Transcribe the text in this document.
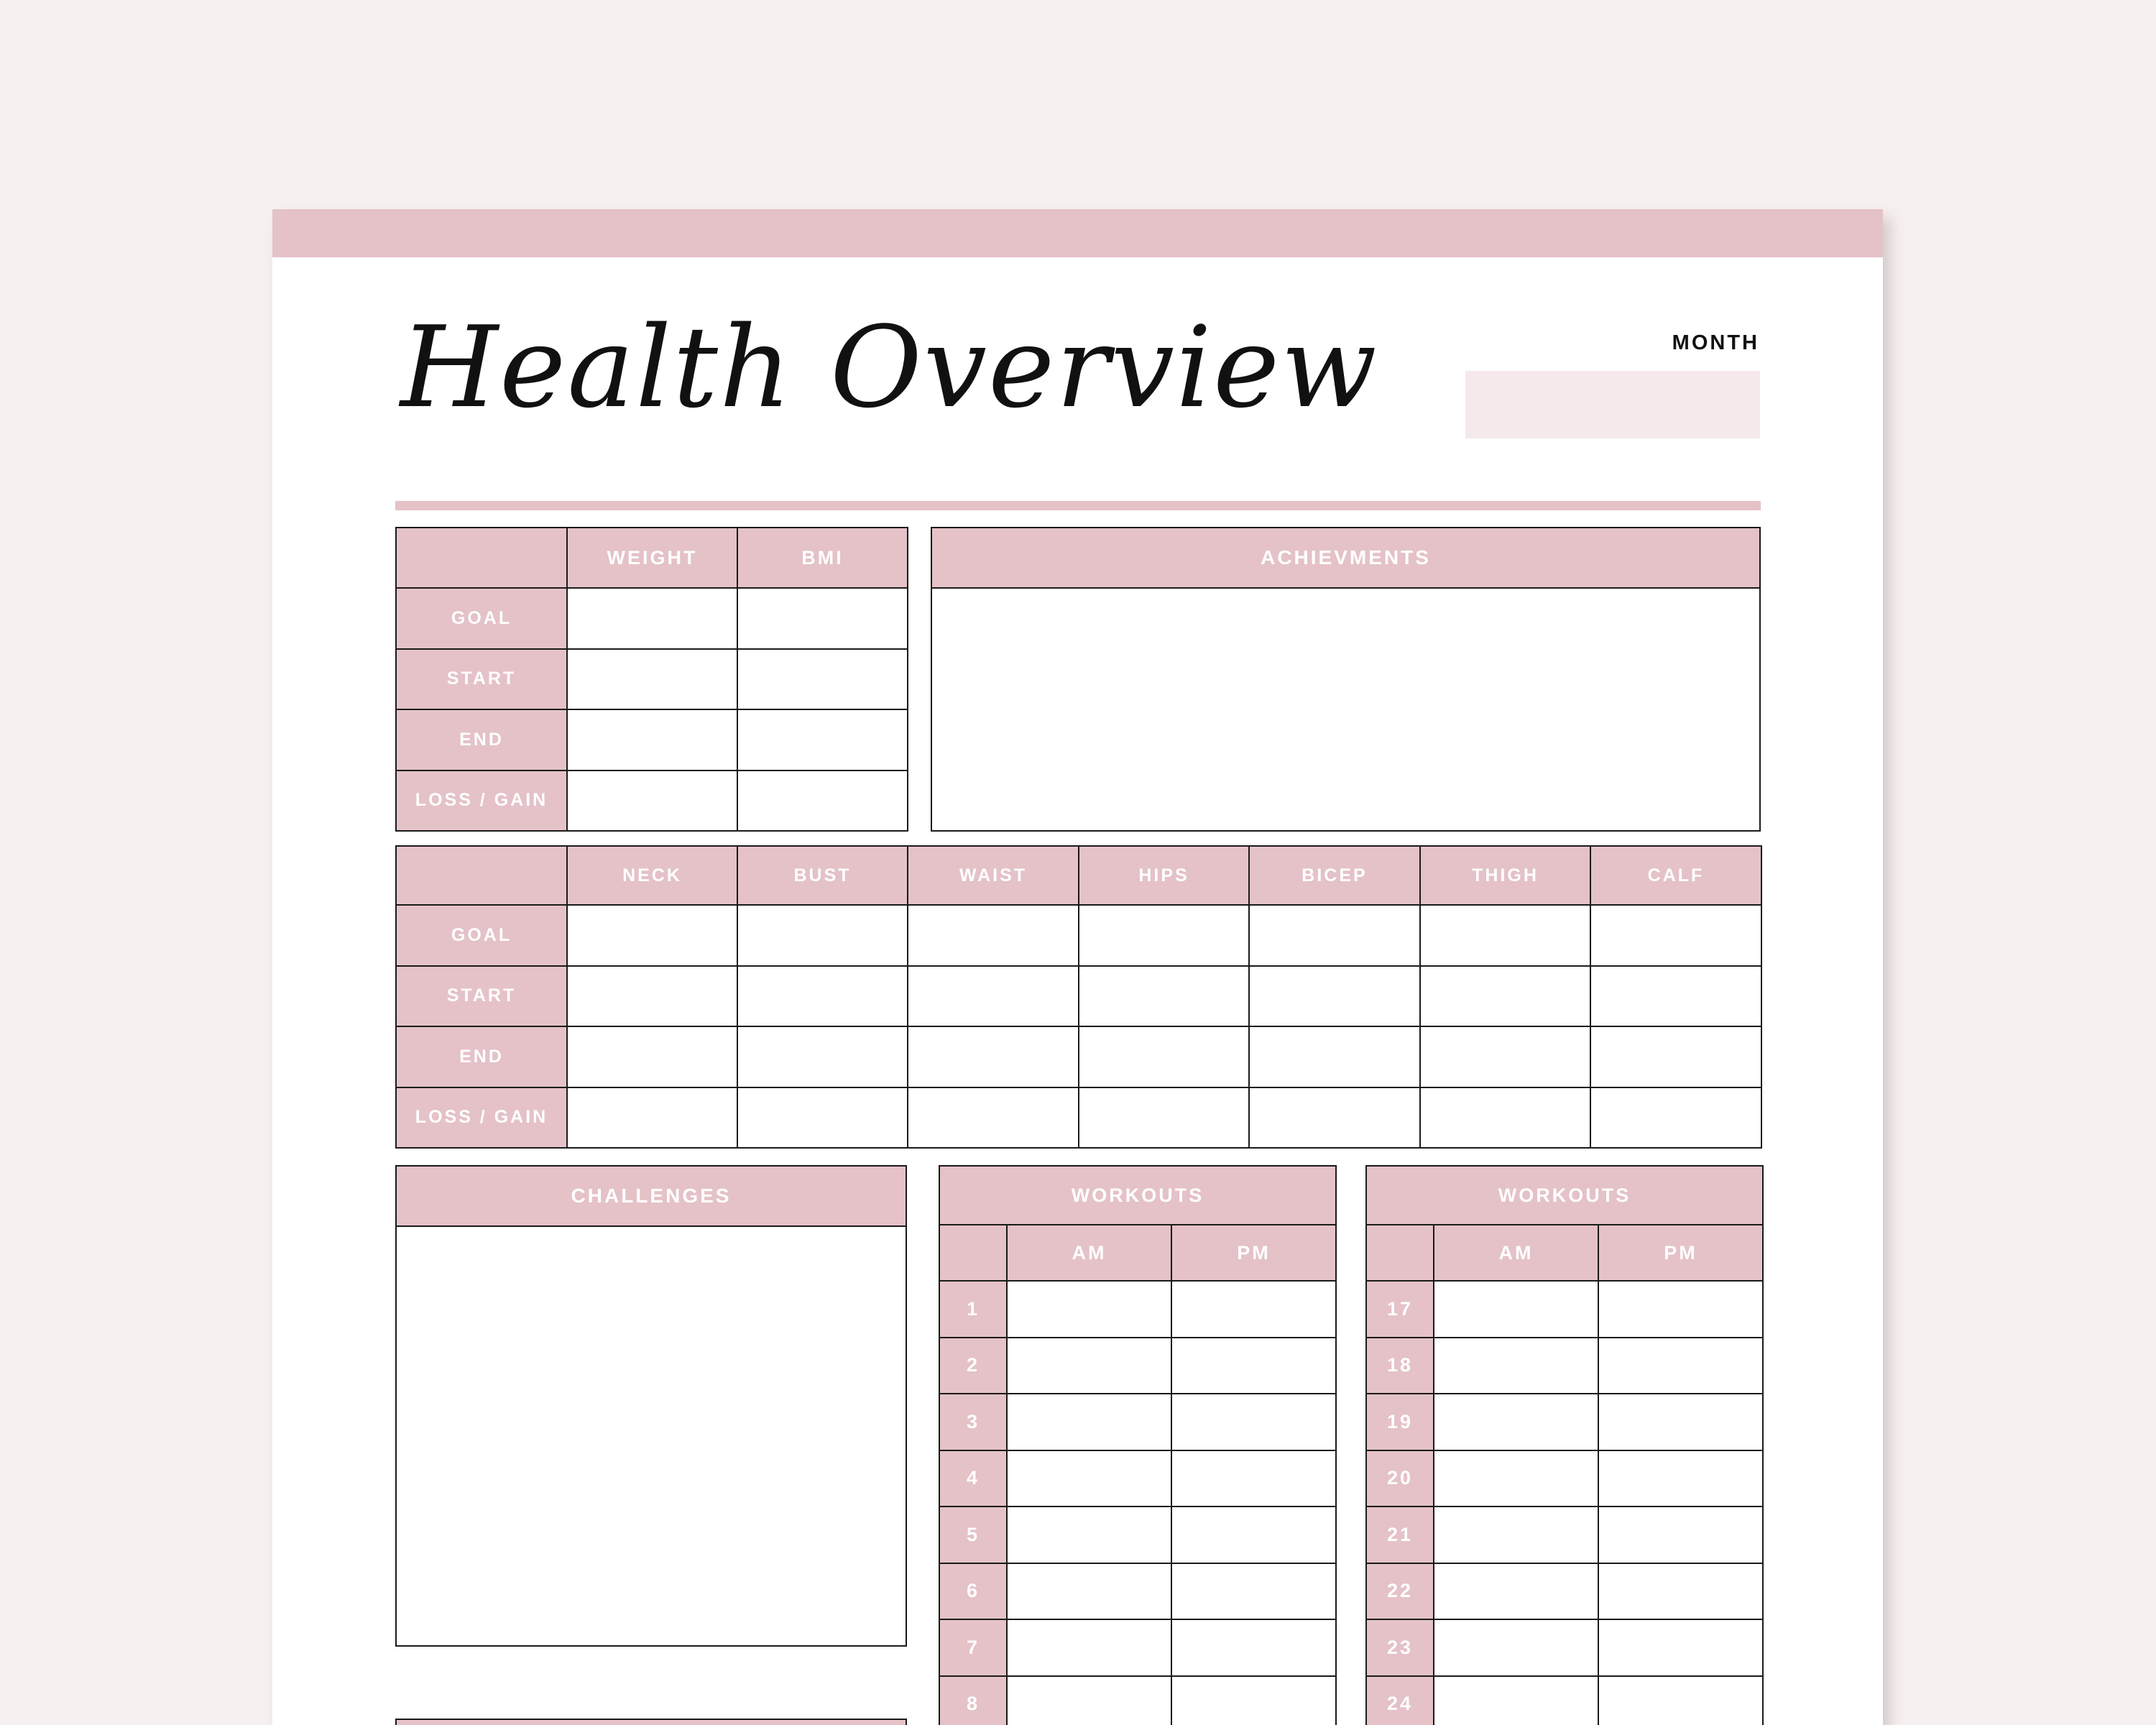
Health Overview	MONTH
	WEIGHT	BMI
GOAL		
START		
END		
LOSS / GAIN		
ACHIEVMENTS
	NECK	BUST	WAIST	HIPS	BICEP	THIGH	CALF
GOAL							
START							
END							
LOSS / GAIN							
CHALLENGES	WORKOUTS		
	AM	PM
1		
2		
3		
4		
5		
6		
7		
8		
WORKOUTS		
	AM	PM
17		
18		
19		
20		
21		
22		
23		
24		
